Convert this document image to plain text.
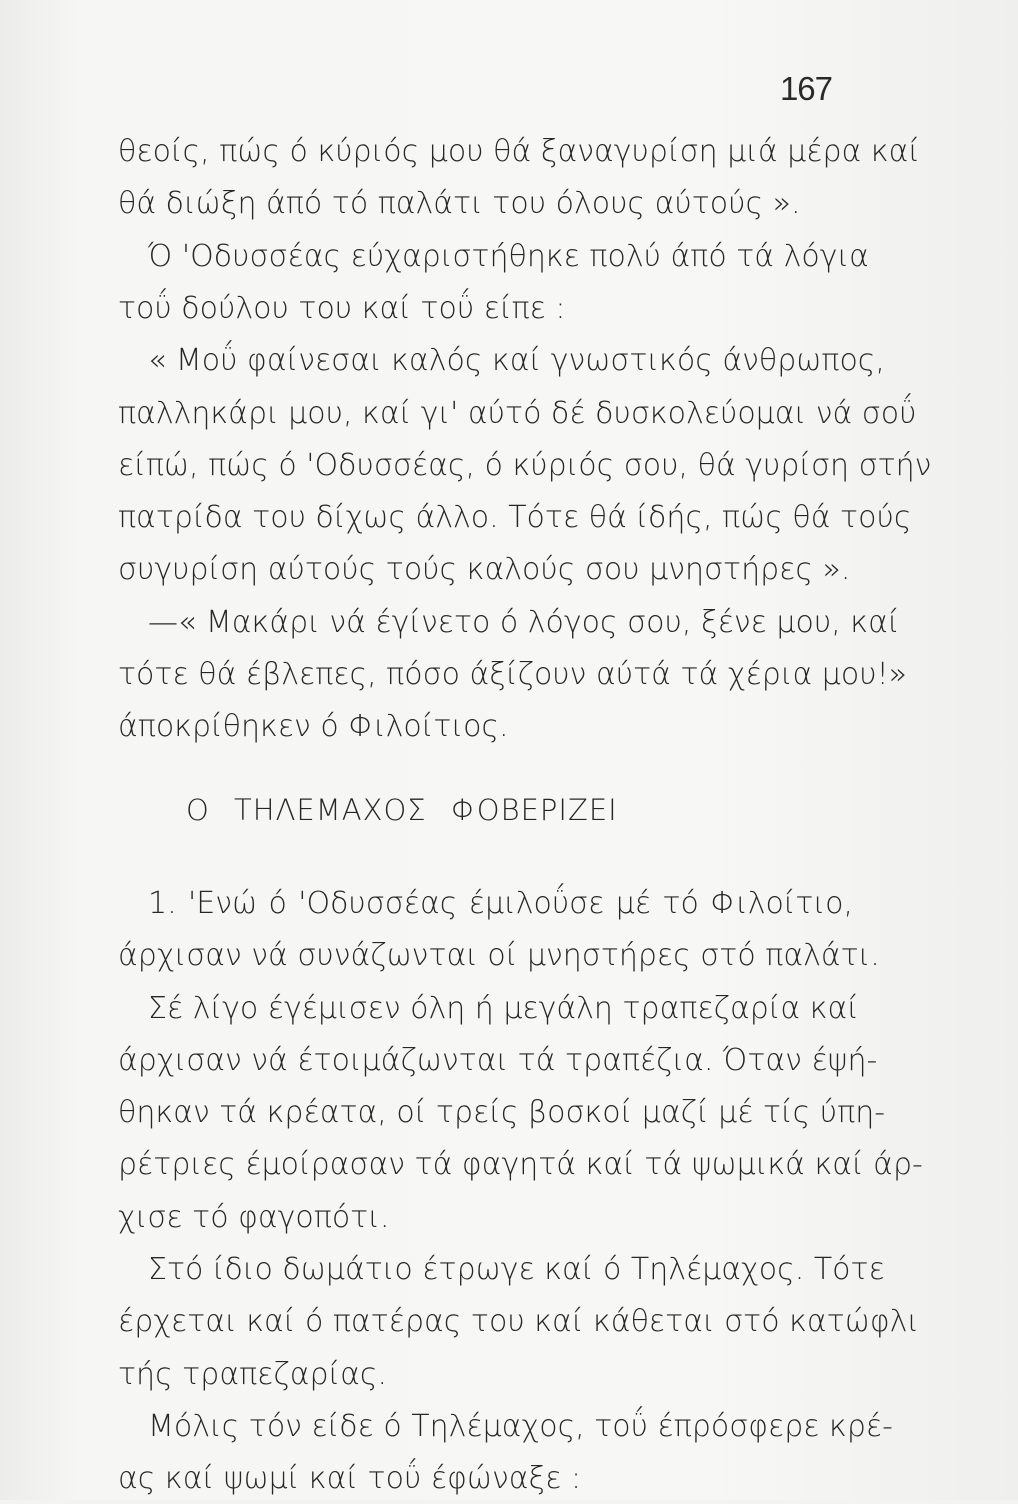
167
θεοίς, πώς ό κύριός μου θά ξαναγυρίση μιά μέρα καί
θά διώξη άπό τό παλάτι του όλους αύτούς ».
Ό 'Οδυσσέας εύχαριστήθηκε πολύ άπό τά λόγια
τοΰ δούλου του καί τοΰ είπε :
« Μοΰ φαίνεσαι καλός καί γνωστικός άνθρωπος,
παλληκάρι μου, καί γι' αύτό δέ δυσκολεύομαι νά σοΰ
είπώ, πώς ό 'Οδυσσέας, ό κύριός σου, θά γυρίση στήν
πατρίδα του δίχως άλλο. Τότε θά ίδής, πώς θά τούς
συγυρίση αύτούς τούς καλούς σου μνηστήρες ».
—« Μακάρι νά έγίνετο ό λόγος σου, ξένε μου, καί
τότε θά έβλεπες, πόσο άξίζουν αύτά τά χέρια μου!»
άποκρίθηκεν ό Φιλοίτιος.
Ο ΤΗΛΕΜΑΧΟΣ ΦΟΒΕΡΙΖΕΙ
1. 'Ενώ ό 'Οδυσσέας έμιλοΰσε μέ τό Φιλοίτιο,
άρχισαν νά συνάζωνται οί μνηστήρες στό παλάτι.
Σέ λίγο έγέμισεν όλη ή μεγάλη τραπεζαρία καί
άρχισαν νά έτοιμάζωνται τά τραπέζια. Όταν έψή-
θηκαν τά κρέατα, οί τρείς βοσκοί μαζί μέ τίς ύπη-
ρέτριες έμοίρασαν τά φαγητά καί τά ψωμικά καί άρ-
χισε τό φαγοπότι.
Στό ίδιο δωμάτιο έτρωγε καί ό Τηλέμαχος. Τότε
έρχεται καί ό πατέρας του καί κάθεται στό κατώφλι
τής τραπεζαρίας.
Μόλις τόν είδε ό Τηλέμαχος, τοΰ έπρόσφερε κρέ-
ας καί ψωμί καί τοΰ έφώναξε :
